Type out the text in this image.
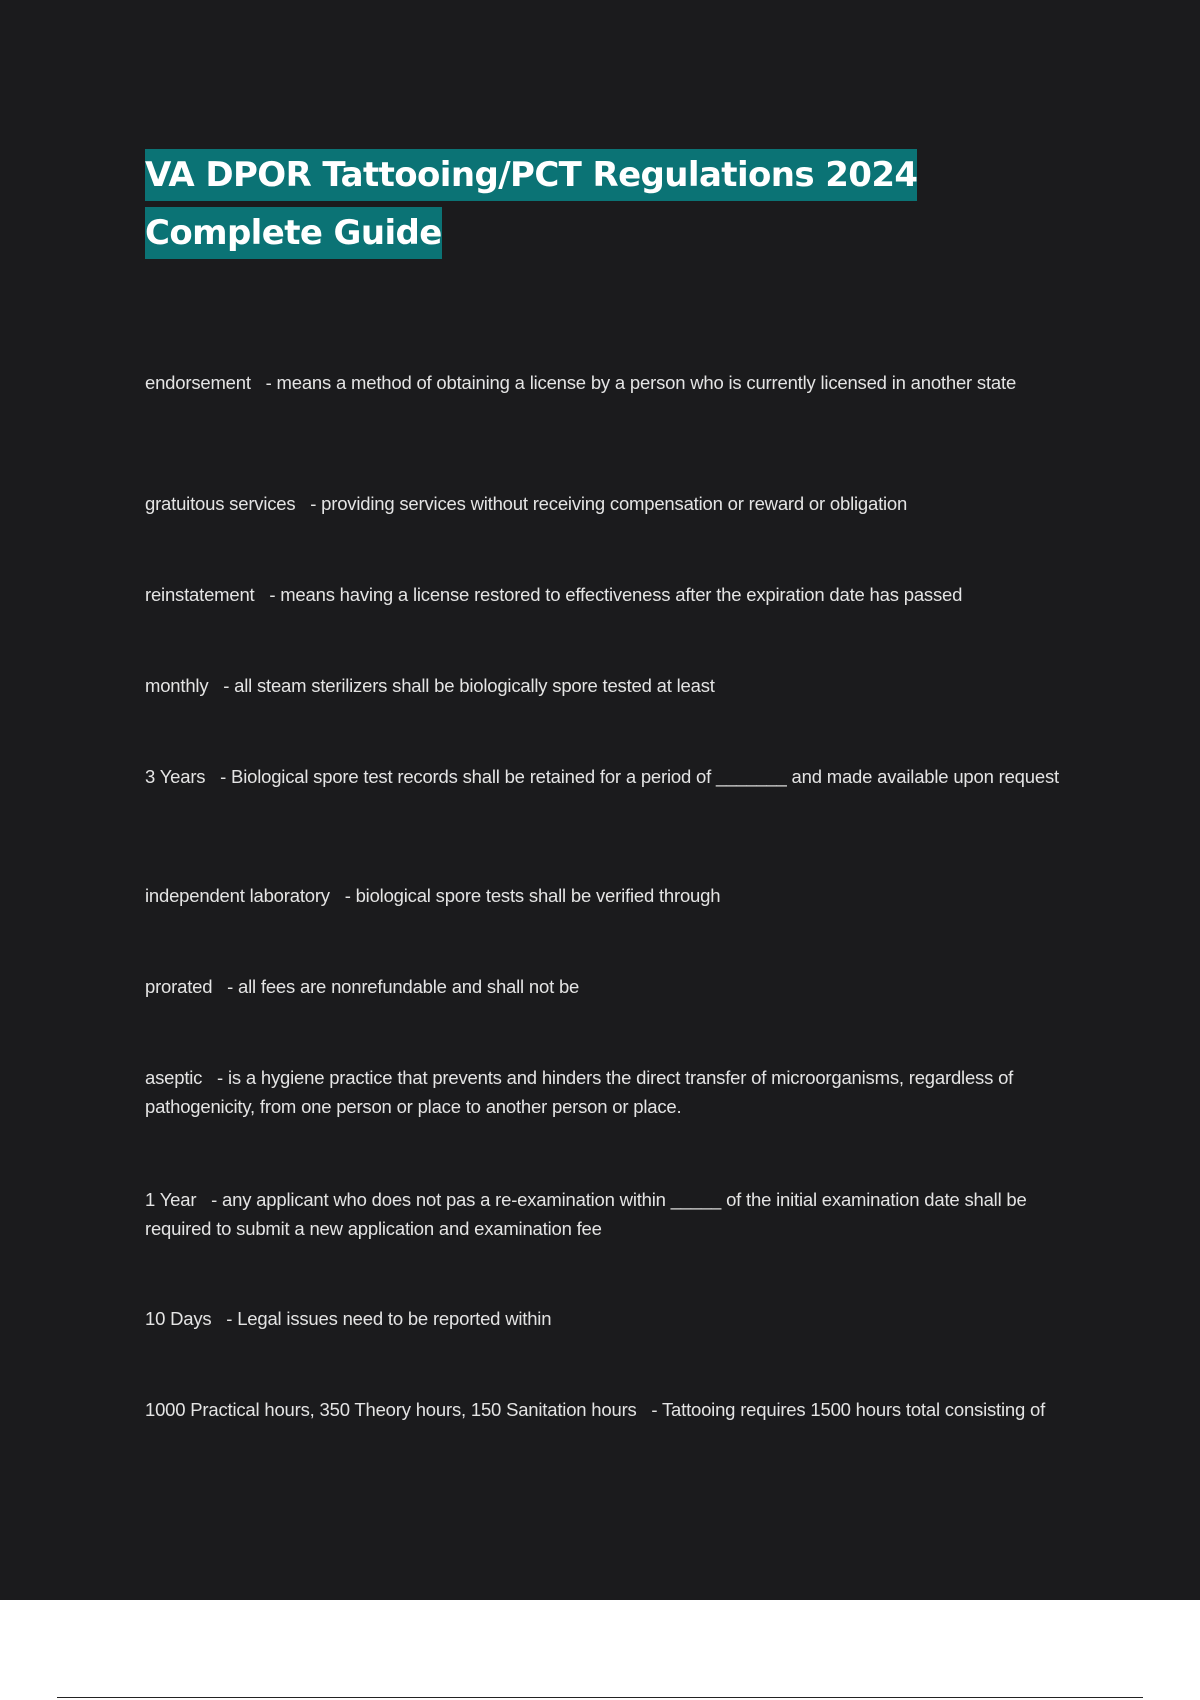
VA DPOR Tattooing/PCT Regulations 2024
Complete Guide
endorsement - means a method of obtaining a license by a person who is currently licensed in another state
gratuitous services - providing services without receiving compensation or reward or obligation
reinstatement - means having a license restored to effectiveness after the expiration date has passed
monthly - all steam sterilizers shall be biologically spore tested at least
3 Years - Biological spore test records shall be retained for a period of _______ and made available upon request
independent laboratory - biological spore tests shall be verified through
prorated - all fees are nonrefundable and shall not be
aseptic - is a hygiene practice that prevents and hinders the direct transfer of microorganisms, regardless of pathogenicity, from one person or place to another person or place.
1 Year - any applicant who does not pas a re-examination within _____ of the initial examination date shall be required to submit a new application and examination fee
10 Days - Legal issues need to be reported within
1000 Practical hours, 350 Theory hours, 150 Sanitation hours - Tattooing requires 1500 hours total consisting of
